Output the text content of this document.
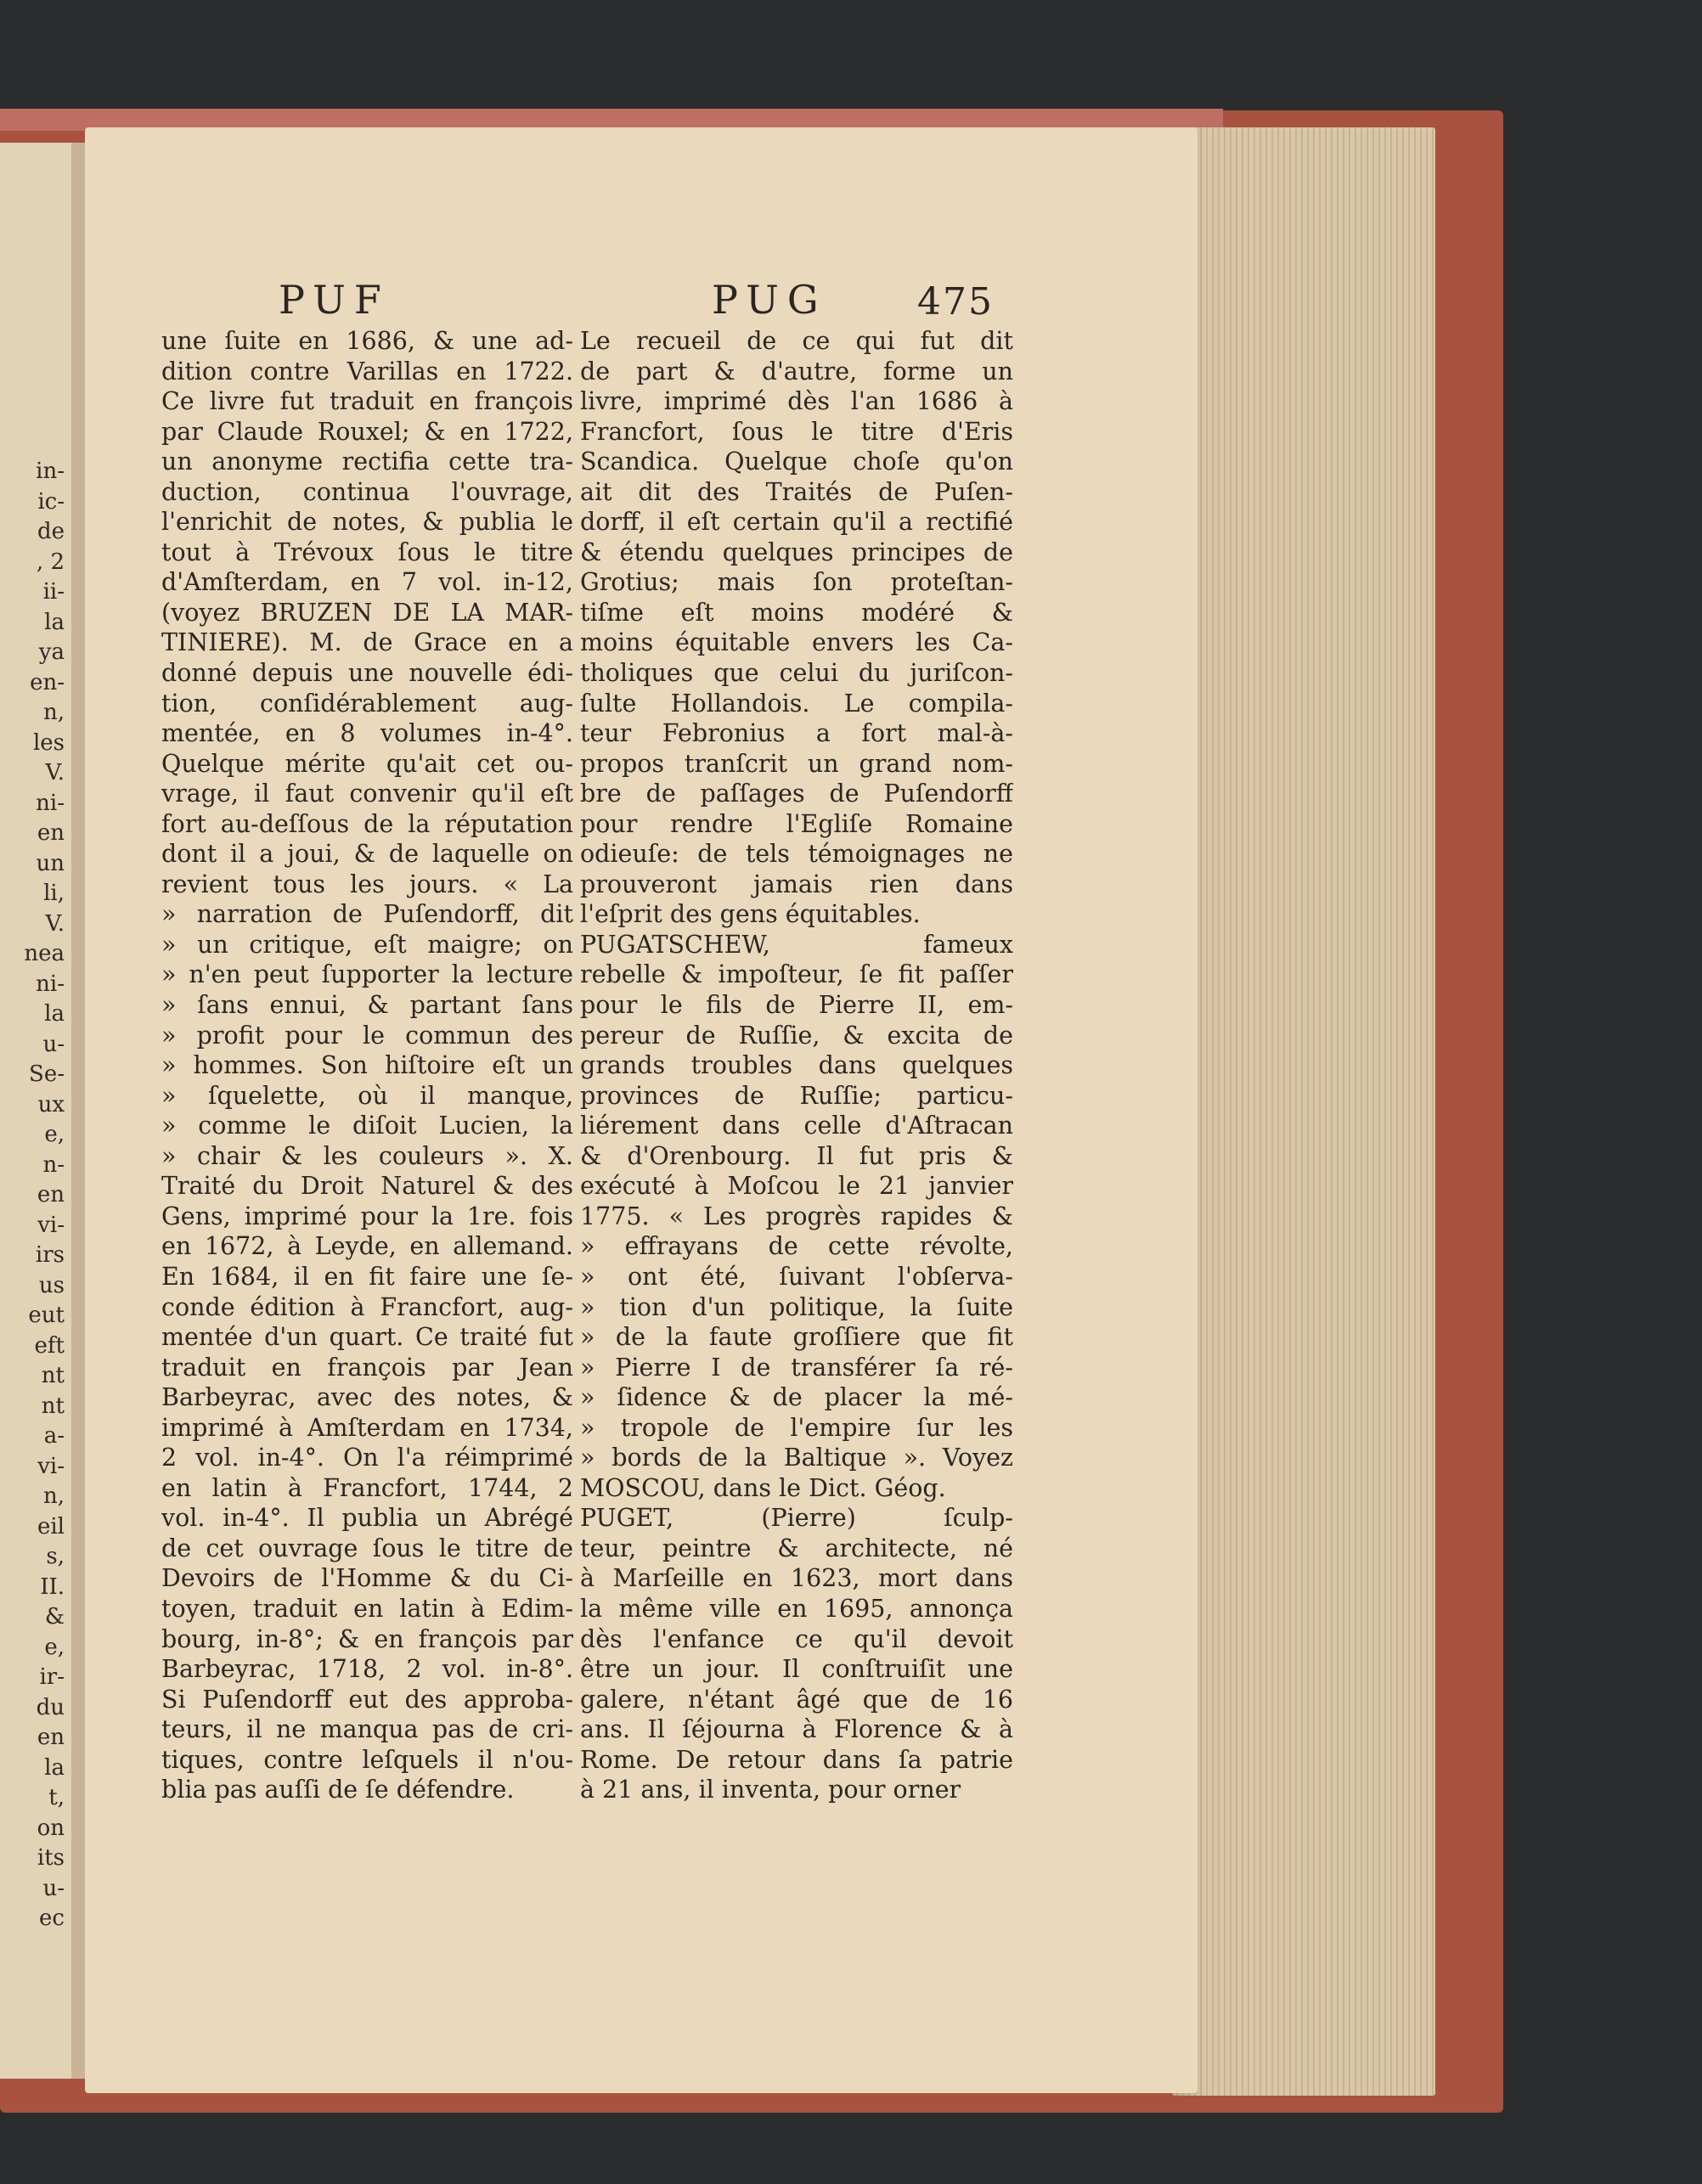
in-
ic-
de
, 2
ii-
la
ya
en-
n,
les
V.
ni-
en
un
li,
V.
nea
ni-
la
u-
Se-
ux
e,
n-
en
vi-
irs
us
eut
eft
nt
nt
a-
vi-
n,
eil
s,
II.
&
e,
ir-
du
en
la
t,
on
its
u-
ec
PUF	PUG 475
une ſuite en 1686, & une ad-
dition contre Varillas en 1722.
Ce livre fut traduit en françois
par Claude Rouxel; & en 1722,
un anonyme rectifia cette tra-
duction, continua l'ouvrage,
l'enrichit de notes, & publia le
tout à Trévoux ſous le titre
d'Amſterdam, en 7 vol. in-12,
(voyez BRUZEN DE LA MAR-
TINIERE). M. de Grace en a
donné depuis une nouvelle édi-
tion, conſidérablement aug-
mentée, en 8 volumes in-4°.
Quelque mérite qu'ait cet ou-
vrage, il faut convenir qu'il eſt
fort au-deſſous de la réputation
dont il a joui, & de laquelle on
revient tous les jours. « La
» narration de Puſendorff, dit
» un critique, eſt maigre; on
» n'en peut ſupporter la lecture
» ſans ennui, & partant ſans
» profit pour le commun des
» hommes. Son hiſtoire eſt un
» ſquelette, où il manque,
» comme le diſoit Lucien, la
» chair & les couleurs ». X.
Traité du Droit Naturel & des
Gens, imprimé pour la 1re. fois
en 1672, à Leyde, en allemand.
En 1684, il en fit faire une ſe-
conde édition à Francfort, aug-
mentée d'un quart. Ce traité fut
traduit en françois par Jean
Barbeyrac, avec des notes, &
imprimé à Amſterdam en 1734,
2 vol. in-4°. On l'a réimprimé
en latin à Francfort, 1744, 2
vol. in-4°. Il publia un Abrégé
de cet ouvrage ſous le titre de
Devoirs de l'Homme & du Ci-
toyen, traduit en latin à Edim-
bourg, in-8°; & en françois par
Barbeyrac, 1718, 2 vol. in-8°.
Si Puſendorff eut des approba-
teurs, il ne manqua pas de cri-
tiques, contre leſquels il n'ou-
blia pas auſſi de ſe défendre.
Le recueil de ce qui fut dit
de part & d'autre, forme un
livre, imprimé dès l'an 1686 à
Francfort, ſous le titre d'Eris
Scandica. Quelque choſe qu'on
ait dit des Traités de Puſen-
dorff, il eſt certain qu'il a rectifié
& étendu quelques principes de
Grotius; mais ſon proteſtan-
tiſme eſt moins modéré &
moins équitable envers les Ca-
tholiques que celui du juriſcon-
ſulte Hollandois. Le compila-
teur Febronius a fort mal-à-
propos tranſcrit un grand nom-
bre de paſſages de Puſendorff
pour rendre l'Egliſe Romaine
odieuſe: de tels témoignages ne
prouveront jamais rien dans
l'eſprit des gens équitables.
PUGATSCHEW, fameux
rebelle & impoſteur, ſe fit paſſer
pour le fils de Pierre II, em-
pereur de Ruſſie, & excita de
grands troubles dans quelques
provinces de Ruſſie; particu-
liérement dans celle d'Aſtracan
& d'Orenbourg. Il fut pris &
exécuté à Moſcou le 21 janvier
1775. « Les progrès rapides &
» effrayans de cette révolte,
» ont été, ſuivant l'obſerva-
» tion d'un politique, la ſuite
» de la faute groſſiere que fit
» Pierre I de transférer ſa ré-
» ſidence & de placer la mé-
» tropole de l'empire ſur les
» bords de la Baltique ». Voyez
MOSCOU, dans le Dict. Géog.
PUGET, (Pierre) ſculp-
teur, peintre & architecte, né
à Marſeille en 1623, mort dans
la même ville en 1695, annonça
dès l'enfance ce qu'il devoit
être un jour. Il conſtruiſit une
galere, n'étant âgé que de 16
ans. Il ſéjourna à Florence & à
Rome. De retour dans ſa patrie
à 21 ans, il inventa, pour orner
